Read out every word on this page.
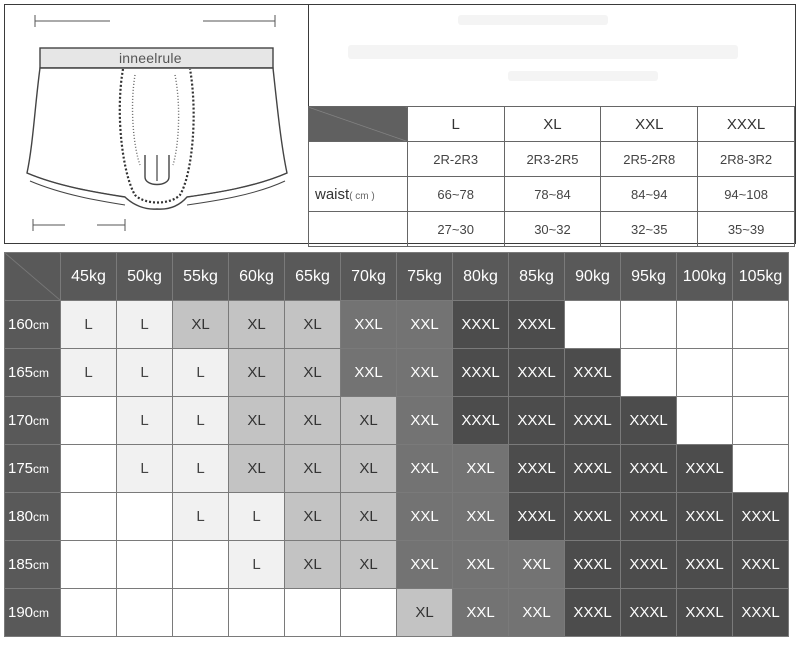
inneelrule
	L	XL	XXL	XXXL
	2R-2R3	2R3-2R5	2R5-2R8	2R8-3R2
waist( cm )	66~78	78~84	84~94	94~108
	27~30	30~32	32~35	35~39
	45kg	50kg	55kg	60kg	65kg	70kg	75kg	80kg	85kg	90kg	95kg	100kg	105kg
160cm	L	L	XL	XL	XL	XXL	XXL	XXXL	XXXL				
165cm	L	L	L	XL	XL	XXL	XXL	XXXL	XXXL	XXXL			
170cm		L	L	XL	XL	XL	XXL	XXXL	XXXL	XXXL	XXXL		
175cm		L	L	XL	XL	XL	XXL	XXL	XXXL	XXXL	XXXL	XXXL	
180cm			L	L	XL	XL	XXL	XXL	XXXL	XXXL	XXXL	XXXL	XXXL
185cm				L	XL	XL	XXL	XXL	XXL	XXXL	XXXL	XXXL	XXXL
190cm							XL	XXL	XXL	XXXL	XXXL	XXXL	XXXL
